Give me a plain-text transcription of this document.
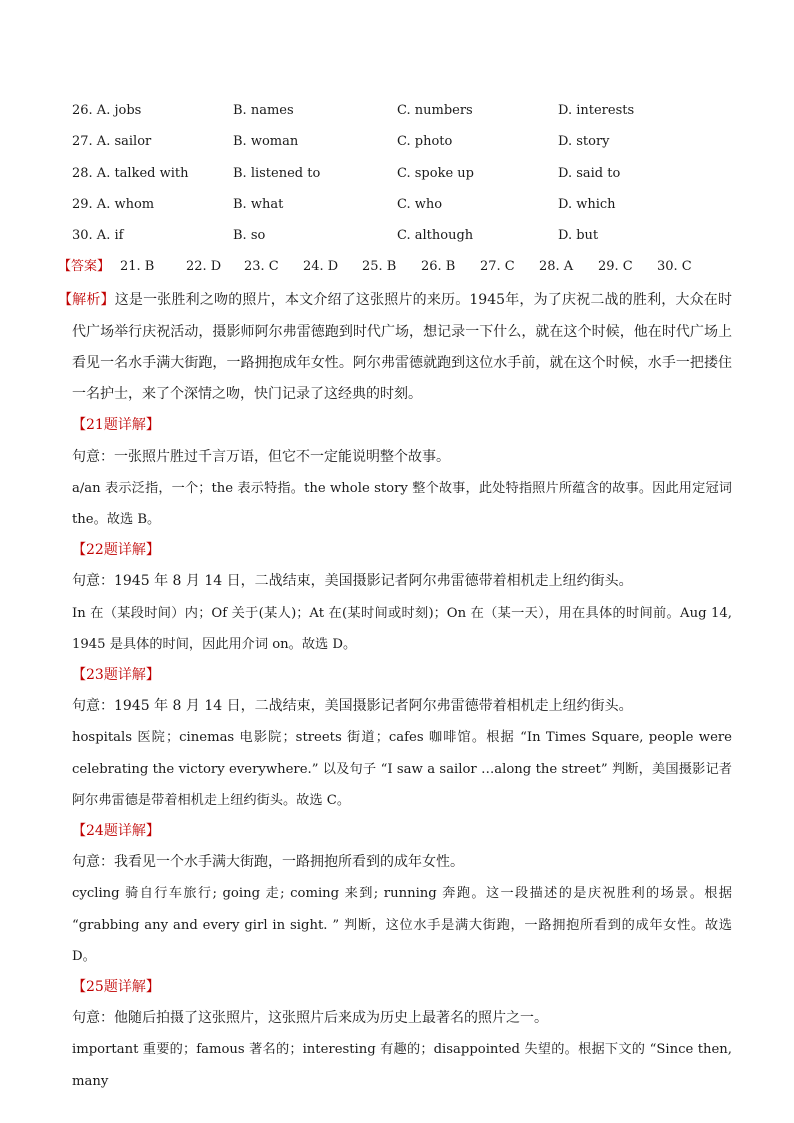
26. A. jobs	B. names	C. numbers	D. interests
27. A. sailor	B. woman	C. photo	D. story
28. A. talked with	B. listened to	C. spoke up	D. said to
29. A. whom	B. what	C. who	D. which
30. A. if	B. so	C. although	D. but
【答案】 21. B 22. D 23. C 24. D 25. B 26. B 27. C 28. A 29. C 30. C

【解析】这是一张胜利之吻的照片，本文介绍了这张照片的来历。1945年，为了庆祝二战的胜利，大众在时代广场举行庆祝活动，摄影师阿尔弗雷德跑到时代广场，想记录一下什么，就在这个时候，他在时代广场上看见一名水手满大街跑，一路拥抱成年女性。阿尔弗雷德就跑到这位水手前，就在这个时候，水手一把搂住一名护士，来了个深情之吻，快门记录了这经典的时刻。

【21题详解】

句意：一张照片胜过千言万语，但它不一定能说明整个故事。

a/an 表示泛指，一个；the 表示特指。the whole story 整个故事，此处特指照片所蕴含的故事。因此用定冠词 the。故选 B。

【22题详解】

句意：1945 年 8 月 14 日，二战结束，美国摄影记者阿尔弗雷德带着相机走上纽约街头。

In 在（某段时间）内；Of 关于(某人)；At 在(某时间或时刻)；On 在（某一天），用在具体的时间前。Aug 14, 1945 是具体的时间，因此用介词 on。故选 D。

【23题详解】

句意：1945 年 8 月 14 日，二战结束，美国摄影记者阿尔弗雷德带着相机走上纽约街头。

hospitals 医院；cinemas 电影院；streets 街道；cafes 咖啡馆。根据 “In Times Square, people were celebrating the victory everywhere.” 以及句子 “I saw a sailor …along the street” 判断，美国摄影记者阿尔弗雷德是带着相机走上纽约街头。故选 C。

【24题详解】

句意：我看见一个水手满大街跑，一路拥抱所看到的成年女性。

cycling 骑自行车旅行; going 走; coming 来到; running 奔跑。这一段描述的是庆祝胜利的场景。根据 “grabbing any and every girl in sight. ” 判断，这位水手是满大街跑，一路拥抱所看到的成年女性。故选 D。

【25题详解】

句意：他随后拍摄了这张照片，这张照片后来成为历史上最著名的照片之一。

important 重要的；famous 著名的；interesting 有趣的；disappointed 失望的。根据下文的 “Since then, many
